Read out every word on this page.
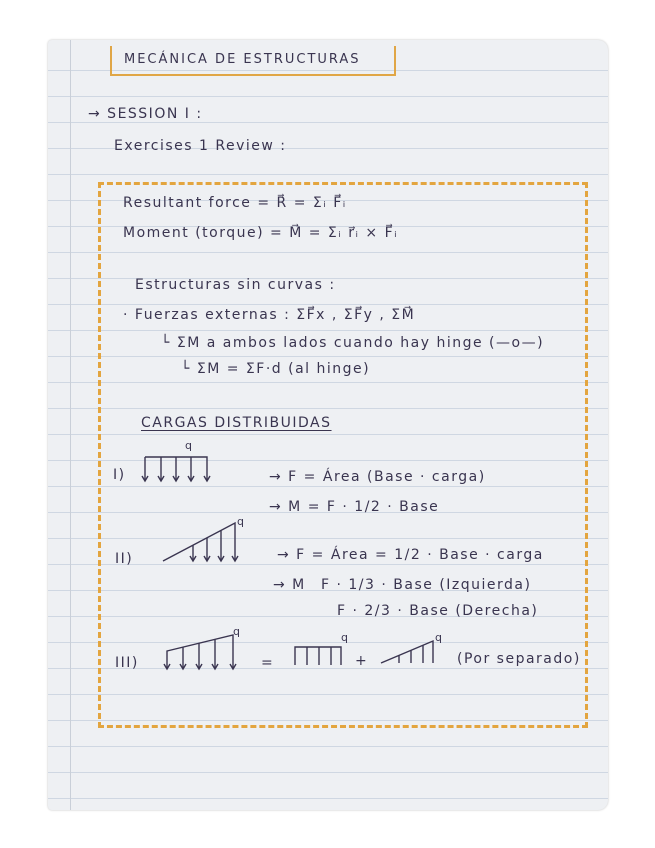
MECÁNICA DE ESTRUCTURAS
→ SESSION I :
Exercises 1 Review :
Resultant force = R⃗ = Σᵢ F⃗ᵢ
Moment (torque) = M⃗ = Σᵢ r⃗ᵢ × F⃗ᵢ
Estructuras sin curvas :
· Fuerzas externas : ΣF⃗x , ΣF⃗y , ΣM⃗
└ ΣM a ambos lados cuando hay hinge (—o—)
└ ΣM = ΣF·d (al hinge)
CARGAS DISTRIBUIDAS
I)
q
→ F = Área (Base · carga)
→ M = F · 1/2 · Base
II)
q
→ F = Área = 1/2 · Base · carga
→ M F · 1/3 · Base (Izquierda)
F · 2/3 · Base (Derecha)
III)
q
=
q
+
q
(Por separado)
